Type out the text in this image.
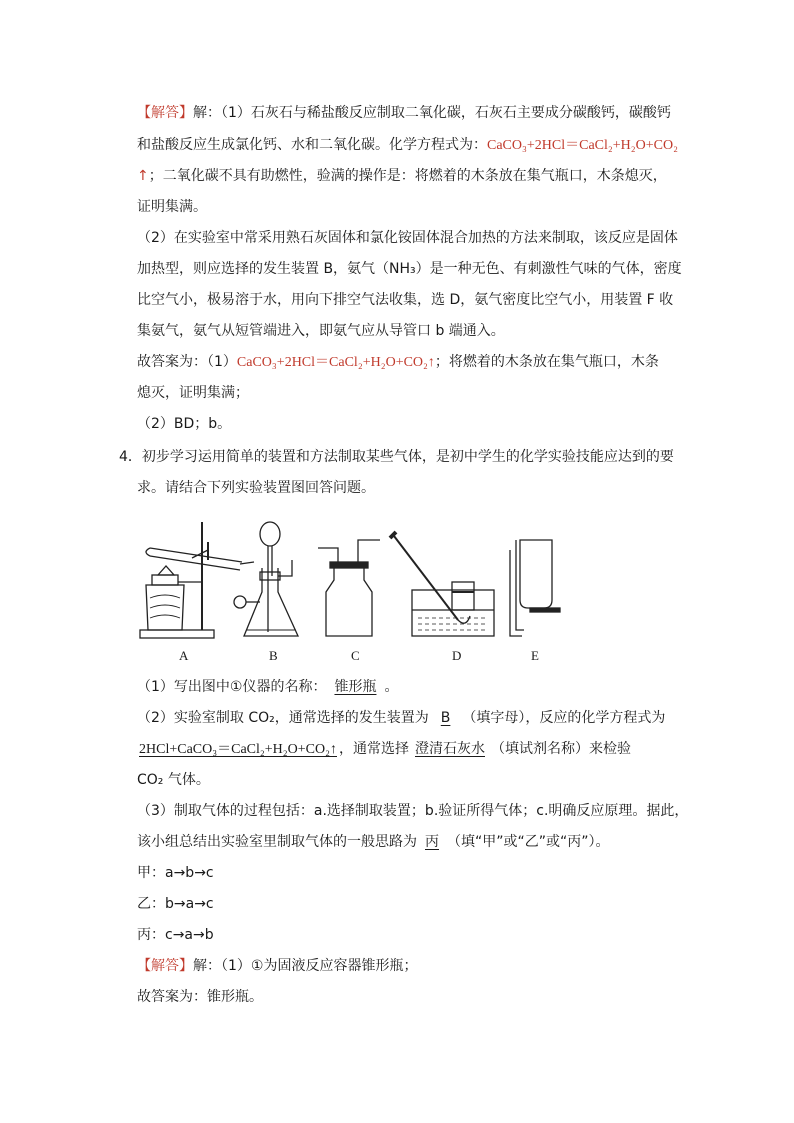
【解答】解：（1）石灰石与稀盐酸反应制取二氧化碳，石灰石主要成分碳酸钙，碳酸钙
和盐酸反应生成氯化钙、水和二氧化碳。化学方程式为：CaCO₃+2HCl＝CaCl₂+H₂O+CO₂
↑；二氧化碳不具有助燃性，验满的操作是：将燃着的木条放在集气瓶口，木条熄灭，
证明集满。
（2）在实验室中常采用熟石灰固体和氯化铵固体混合加热的方法来制取，该反应是固体
加热型，则应选择的发生装置 B，氨气（NH₃）是一种无色、有刺激性气味的气体，密度
比空气小，极易溶于水，用向下排空气法收集，选 D，氨气密度比空气小，用装置 F 收
集氨气，氨气从短管端进入，即氨气应从导管口 b 端通入。
故答案为：（1）CaCO₃+2HCl＝CaCl₂+H₂O+CO₂↑；将燃着的木条放在集气瓶口，木条
熄灭，证明集满；
（2）BD；b。
4．初步学习运用简单的装置和方法制取某些气体，是初中学生的化学实验技能应达到的要
求。请结合下列实验装置图回答问题。
A	B	C	D	E
（1）写出图中①仪器的名称： 锥形瓶 。
（2）实验室制取 CO₂，通常选择的发生装置为 B （填字母），反应的化学方程式为
2HCl+CaCO₃＝CaCl₂+H₂O+CO₂↑ ，通常选择 澄清石灰水 （填试剂名称）来检验
CO₂ 气体。
（3）制取气体的过程包括：a.选择制取装置；b.验证所得气体；c.明确反应原理。据此，
该小组总结出实验室里制取气体的一般思路为 丙 （填“甲”或“乙”或“丙”）。
甲：a→b→c
乙：b→a→c
丙：c→a→b
【解答】解：（1）①为固液反应容器锥形瓶；
故答案为：锥形瓶。
